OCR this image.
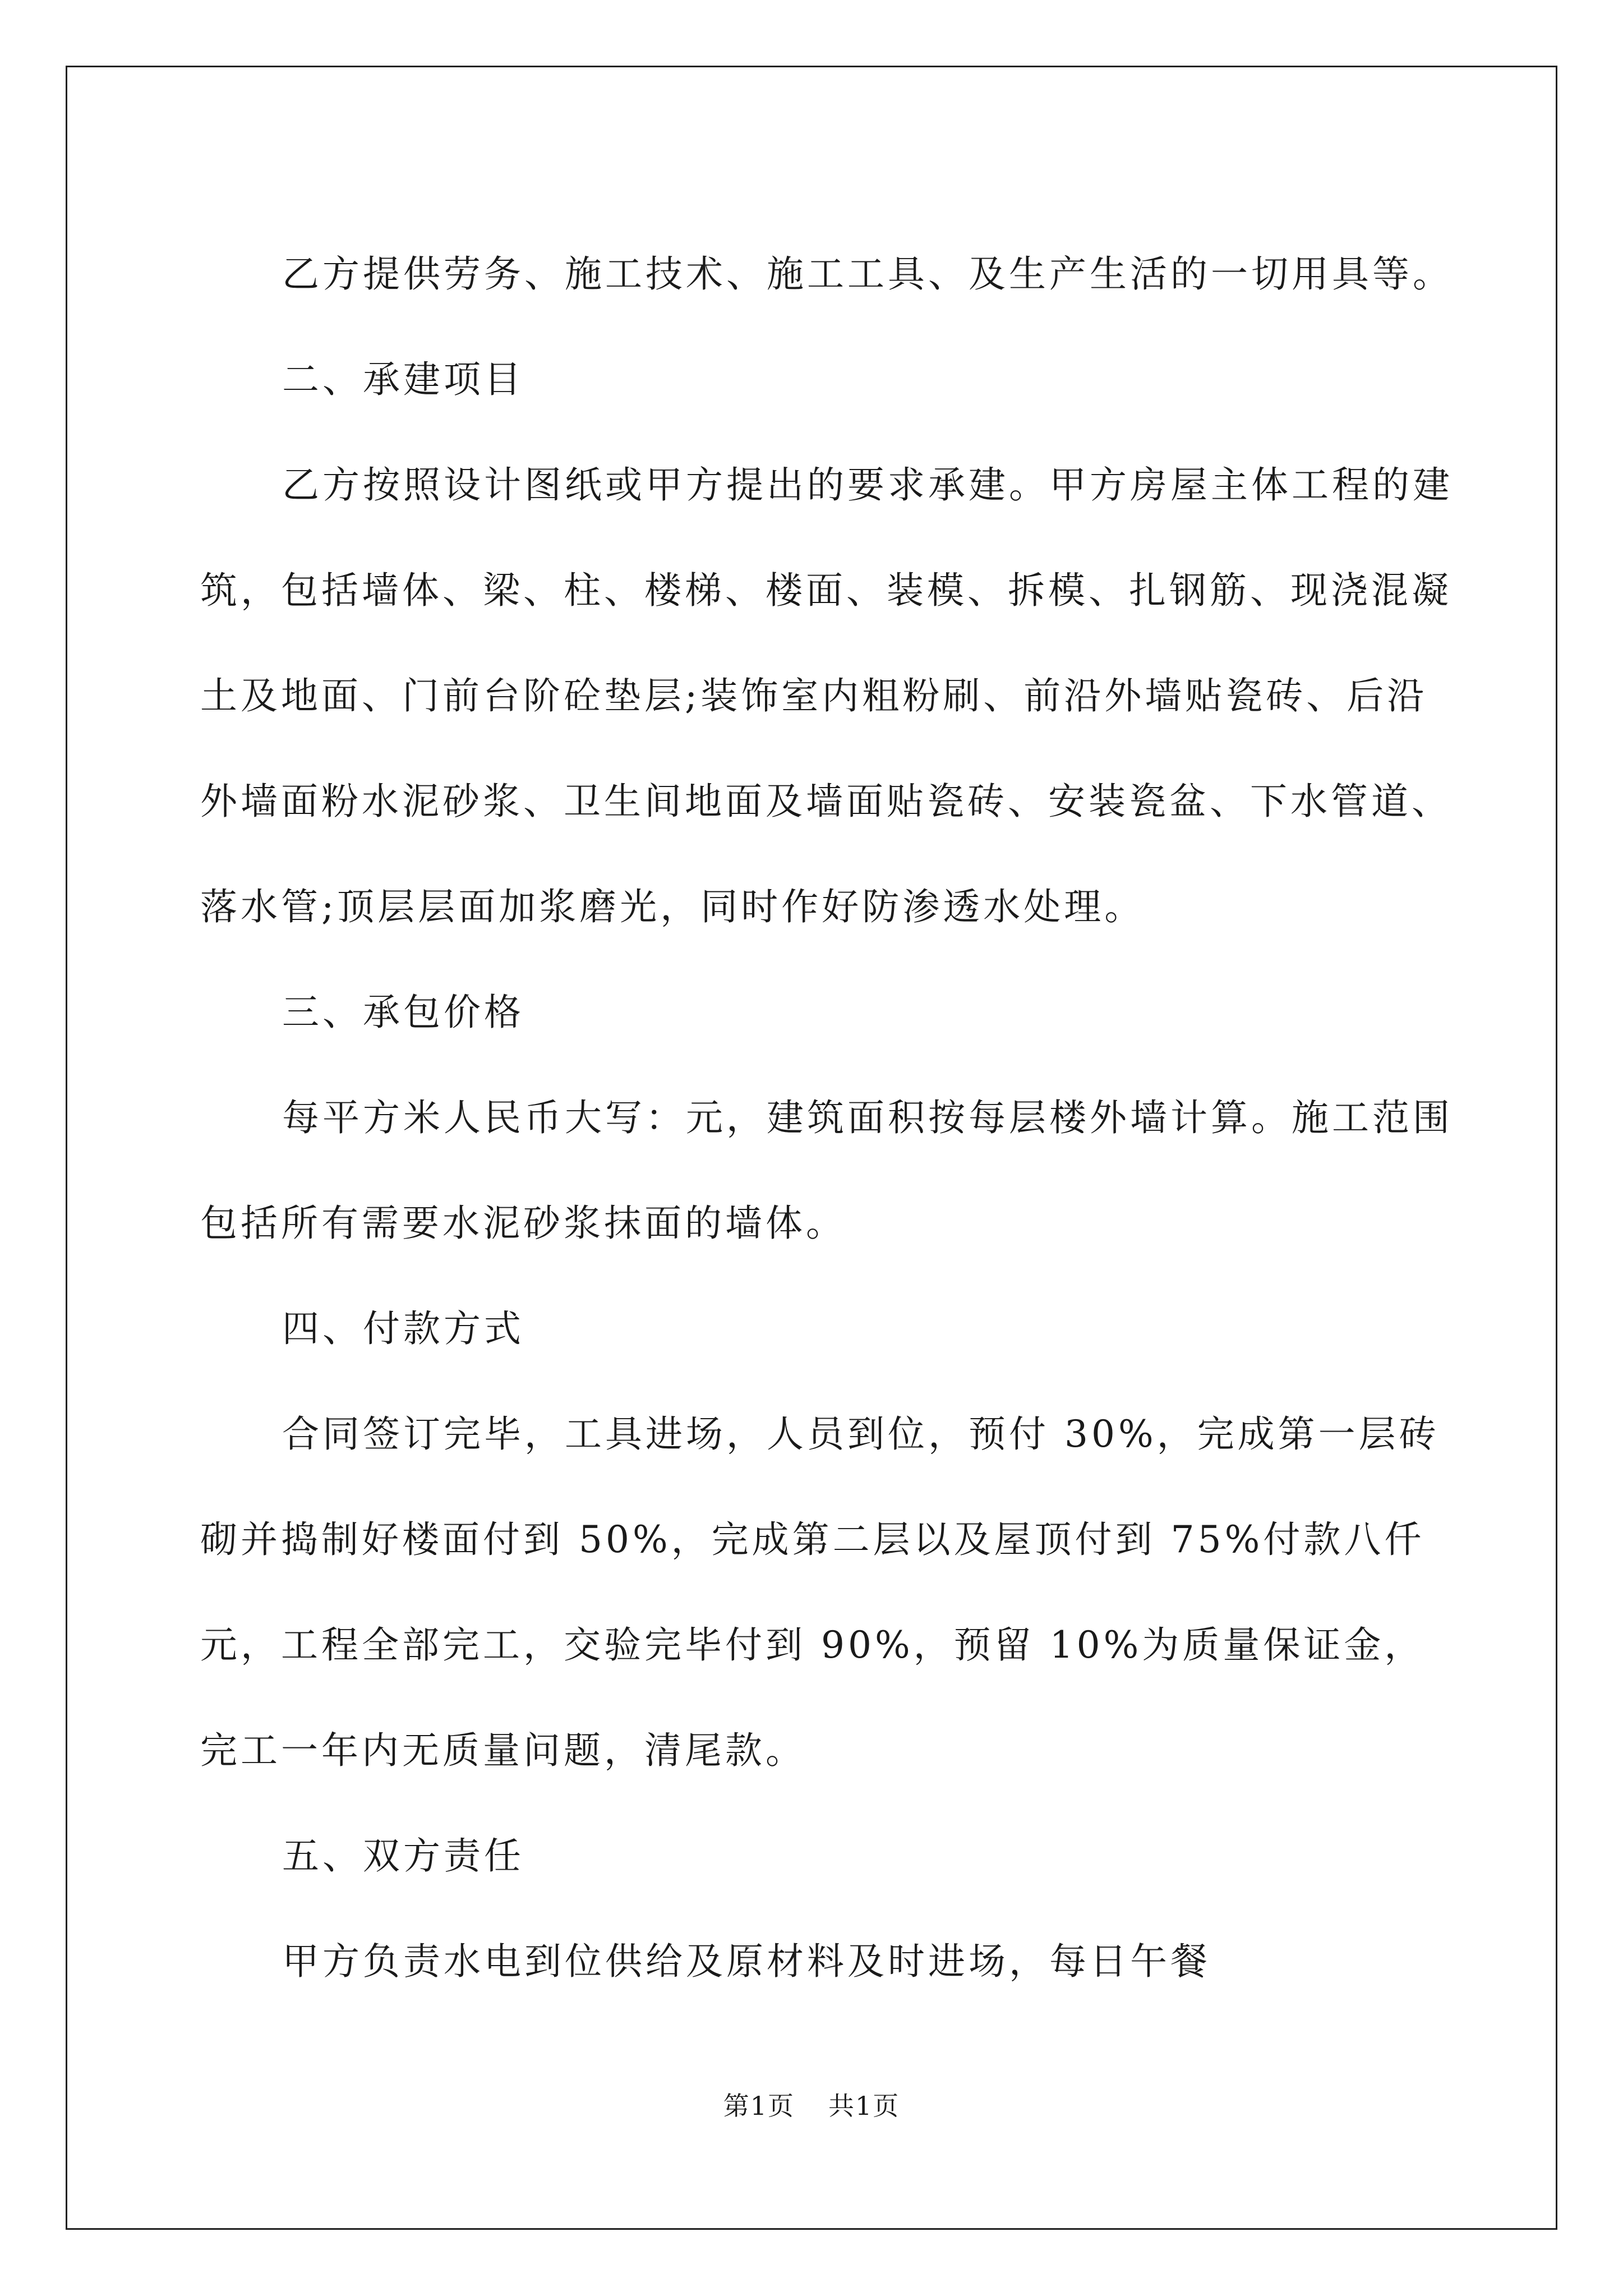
乙方提供劳务、施工技术、施工工具、及生产生活的一切用具等。

二、承建项目

乙方按照设计图纸或甲方提出的要求承建。甲方房屋主体工程的建筑，包括墙体、梁、柱、楼梯、楼面、装模、拆模、扎钢筋、现浇混凝土及地面、门前台阶砼垫层;装饰室内粗粉刷、前沿外墙贴瓷砖、后沿外墙面粉水泥砂浆、卫生间地面及墙面贴瓷砖、安装瓷盆、下水管道、落水管;顶层层面加浆磨光，同时作好防渗透水处理。

三、承包价格

每平方米人民币大写：元，建筑面积按每层楼外墙计算。施工范围包括所有需要水泥砂浆抹面的墙体。

四、付款方式

合同签订完毕，工具进场，人员到位，预付 30%，完成第一层砖砌并捣制好楼面付到 50%，完成第二层以及屋顶付到 75%付款八仟元，工程全部完工，交验完毕付到 90%，预留 10%为质量保证金，完工一年内无质量问题，清尾款。

五、双方责任

甲方负责水电到位供给及原材料及时进场，每日午餐

第1页 共1页
